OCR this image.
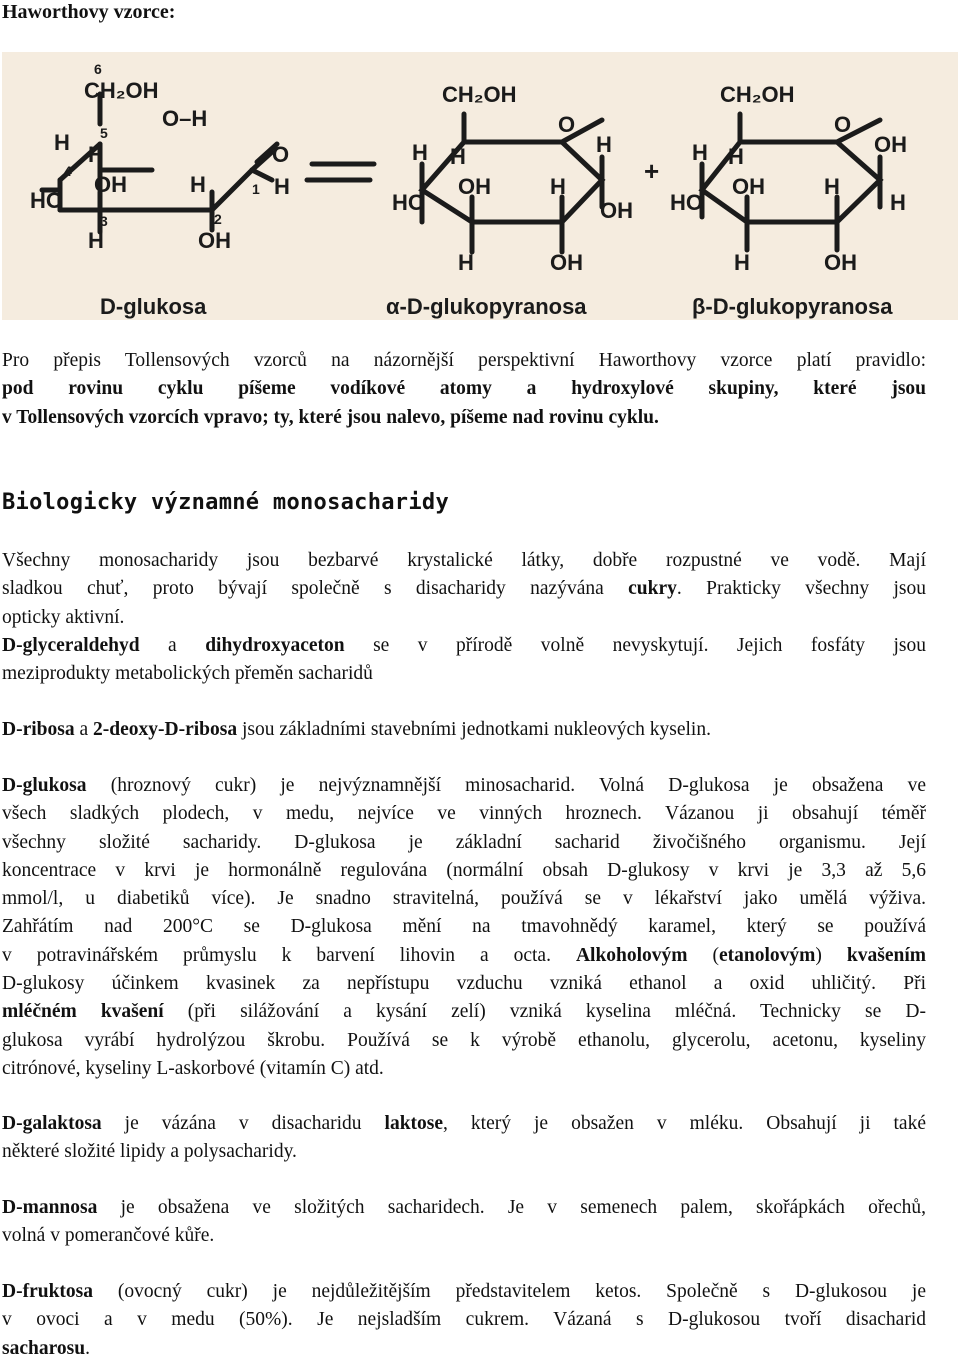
Haworthovy vzorce:
6
CH₂OH
O–H
H 5
H
4
OH
HO
3
H
H
2
OH
O
1 H
CH₂OH
O
H H	H
OH	H
HO	OH
H	OH
+
CH₂OH
O
H H	OH
OH	H
HO	H
H	OH
D-glukosa	α-D-glukopyranosa	β-D-glukopyranosa
Pro přepis Tollensových vzorců na názornější perspektivní Haworthovy vzorce platí pravidlo:
pod rovinu cyklu píšeme vodíkové atomy a hydroxylové skupiny, které jsou
v Tollensových vzorcích vpravo; ty, které jsou nalevo, píšeme nad rovinu cyklu.
Biologicky významné monosacharidy
Všechny monosacharidy jsou bezbarvé krystalické látky, dobře rozpustné ve vodě. Mají
sladkou chuť, proto bývají společně s disacharidy nazývána cukry. Prakticky všechny jsou
opticky aktivní.
D-glyceraldehyd a dihydroxyaceton se v přírodě volně nevyskytují. Jejich fosfáty jsou
meziprodukty metabolických přeměn sacharidů
D-ribosa a 2-deoxy-D-ribosa jsou základními stavebními jednotkami nukleových kyselin.
D-glukosa (hroznový cukr) je nejvýznamnější minosacharid. Volná D-glukosa je obsažena ve
všech sladkých plodech, v medu, nejvíce ve vinných hroznech. Vázanou ji obsahují téměř
všechny složité sacharidy. D-glukosa je základní sacharid živočišného organismu. Její
koncentrace v krvi je hormonálně regulována (normální obsah D-glukosy v krvi je 3,3 až 5,6
mmol/l, u diabetiků více). Je snadno stravitelná, používá se v lékařství jako umělá výživa.
Zahřátím nad 200°C se D-glukosa mění na tmavohnědý karamel, který se používá
v potravinářském průmyslu k barvení lihovin a octa. Alkoholovým (etanolovým) kvašením
D-glukosy účinkem kvasinek za nepřístupu vzduchu vzniká ethanol a oxid uhličitý. Při
mléčném kvašení (při silážování a kysání zelí) vzniká kyselina mléčná. Technicky se D-
glukosa vyrábí hydrolýzou škrobu. Používá se k výrobě ethanolu, glycerolu, acetonu, kyseliny
citrónové, kyseliny L-askorbové (vitamín C) atd.
D-galaktosa je vázána v disacharidu laktose, který je obsažen v mléku. Obsahují ji také
některé složité lipidy a polysacharidy.
D-mannosa je obsažena ve složitých sacharidech. Je v semenech palem, skořápkách ořechů,
volná v pomerančové kůře.
D-fruktosa (ovocný cukr) je nejdůležitějším představitelem ketos. Společně s D-glukosou je
v ovoci a v medu (50%). Je nejsladším cukrem. Vázaná s D-glukosou tvoří disacharid
sacharosu.
